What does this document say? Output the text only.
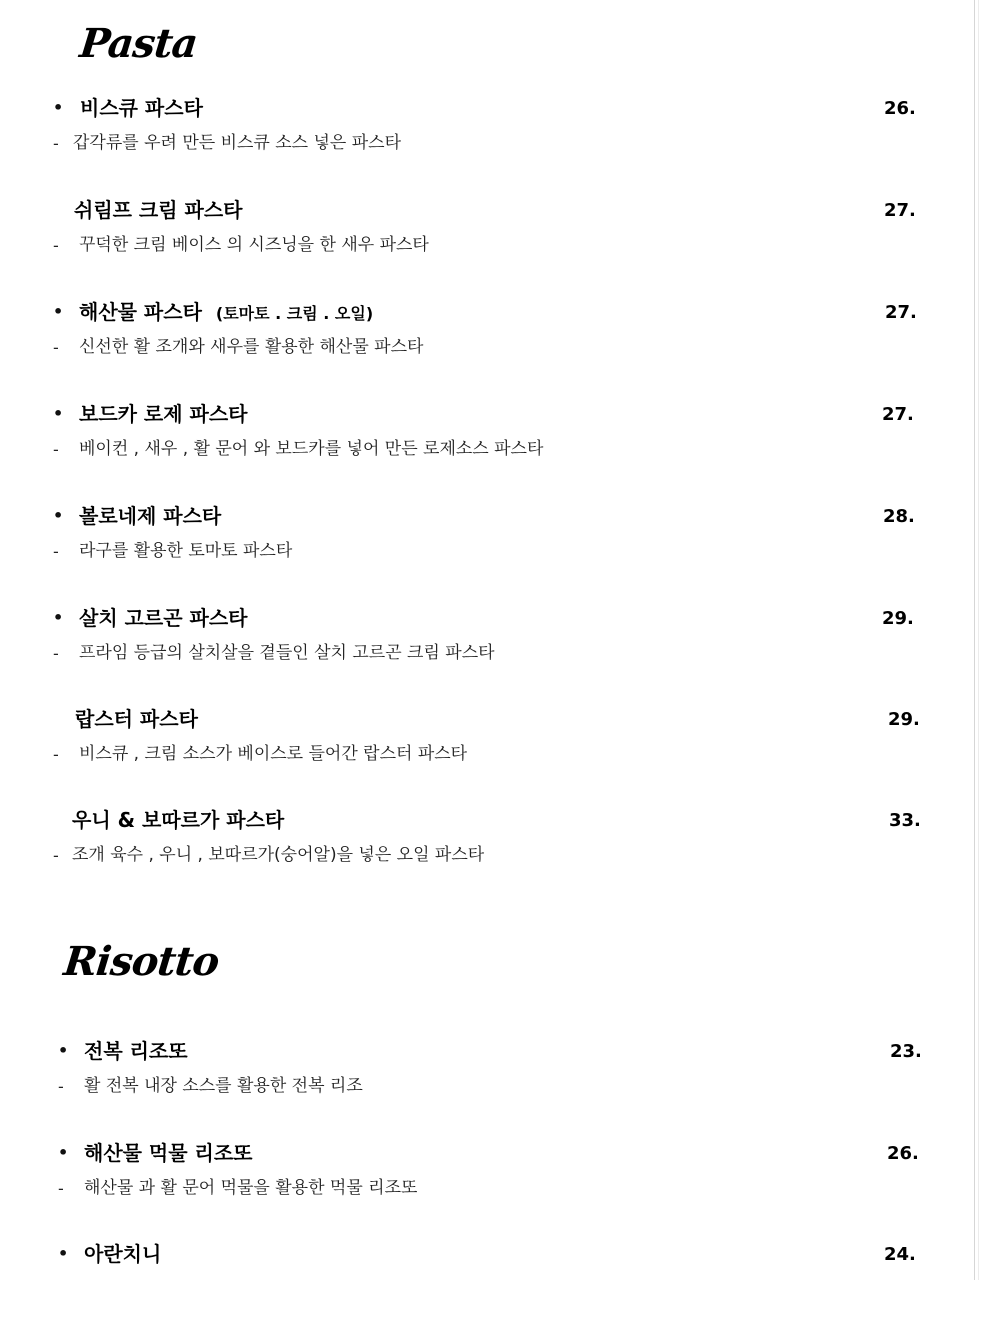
Pasta
• 비스큐 파스타	26.
- 갑각류를 우려 만든 비스큐 소스 넣은 파스타
쉬림프 크림 파스타	27.
- 꾸덕한 크림 베이스 의 시즈닝을 한 새우 파스타
• 해산물 파스타 (토마토 . 크림 . 오일)	27.
- 신선한 활 조개와 새우를 활용한 해산물 파스타
• 보드카 로제 파스타	27.
- 베이컨 , 새우 , 활 문어 와 보드카를 넣어 만든 로제소스 파스타
• 볼로네제 파스타	28.
- 라구를 활용한 토마토 파스타
• 살치 고르곤 파스타	29.
- 프라임 등급의 살치살을 곁들인 살치 고르곤 크림 파스타
랍스터 파스타	29.
- 비스큐 , 크림 소스가 베이스로 들어간 랍스터 파스타
우니 & 보따르가 파스타	33.
- 조개 육수 , 우니 , 보따르가(숭어알)을 넣은 오일 파스타
Risotto
• 전복 리조또	23.
- 활 전복 내장 소스를 활용한 전복 리조
• 해산물 먹물 리조또	26.
- 해산물 과 활 문어 먹물을 활용한 먹물 리조또
• 아란치니	24.
